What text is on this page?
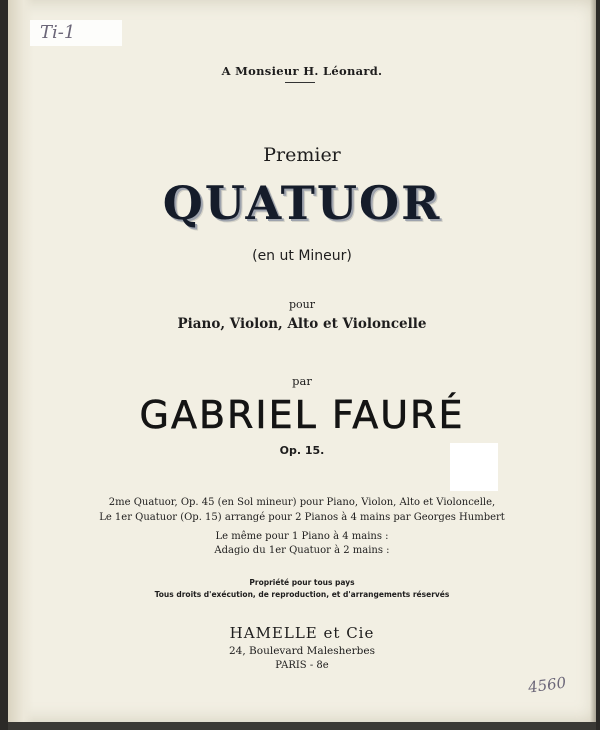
Ti-1
A Monsieur H. Léonard.
Premier
QUATUOR
(en ut Mineur)
pour
Piano, Violon, Alto et Violoncelle
par
GABRIEL FAURÉ
Op. 15.
2me Quatuor, Op. 45 (en Sol mineur) pour Piano, Violon, Alto et Violoncelle,
Le 1er Quatuor (Op. 15) arrangé pour 2 Pianos à 4 mains par Georges Humbert
Le même pour 1 Piano à 4 mains :
Adagio du 1er Quatuor à 2 mains :
Propriété pour tous pays
Tous droits d'exécution, de reproduction, et d'arrangements réservés
HAMELLE et Cie
24, Boulevard Malesherbes
PARIS - 8e
4560
